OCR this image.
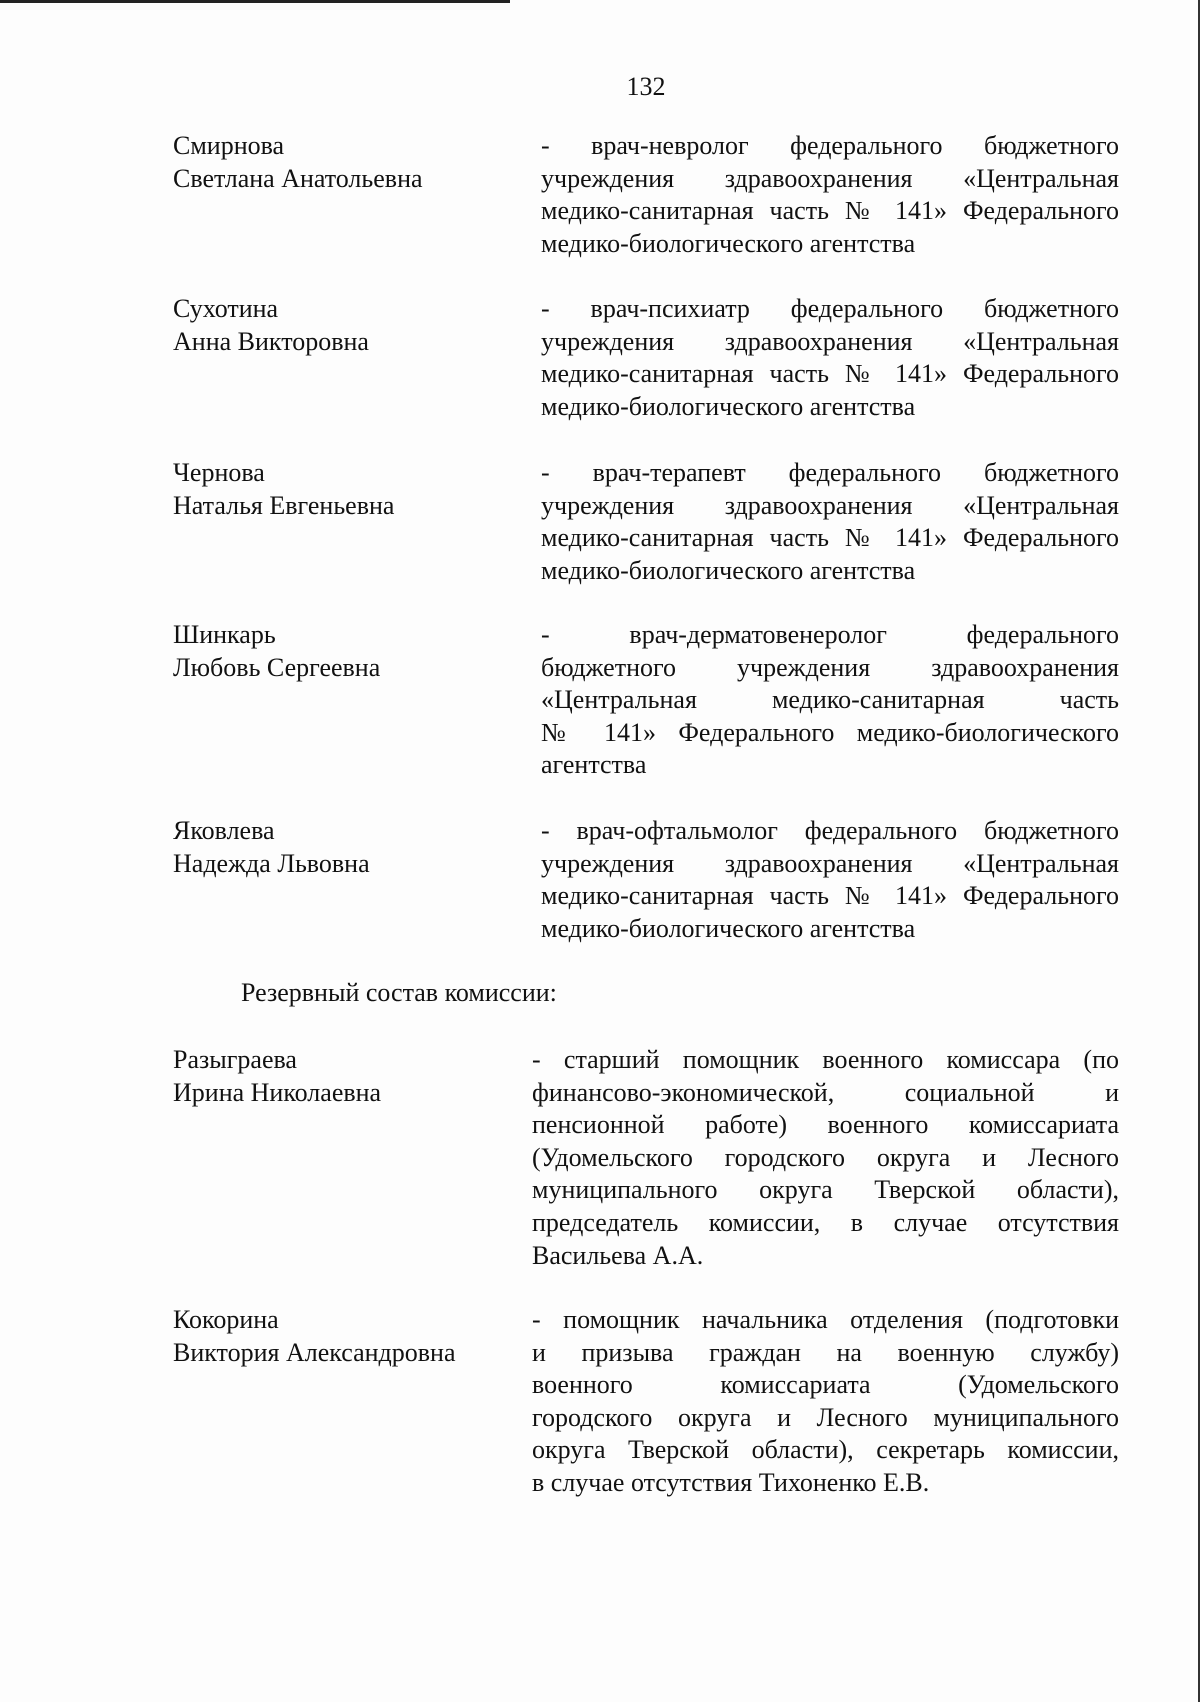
132
Смирнова
Светлана Анатольевна
- врач-невролог федерального бюджетного
учреждения здравоохранения «Центральная
медико-санитарная часть № 141» Федерального
медико-биологического агентства
Сухотина
Анна Викторовна
- врач-психиатр федерального бюджетного
учреждения здравоохранения «Центральная
медико-санитарная часть № 141» Федерального
медико-биологического агентства
Чернова
Наталья Евгеньевна
- врач-терапевт федерального бюджетного
учреждения здравоохранения «Центральная
медико-санитарная часть № 141» Федерального
медико-биологического агентства
Шинкарь
Любовь Сергеевна
- врач-дерматовенеролог федерального
бюджетного учреждения здравоохранения
«Центральная медико-санитарная часть
№ 141» Федерального медико-биологического
агентства
Яковлева
Надежда Львовна
- врач-офтальмолог федерального бюджетного
учреждения здравоохранения «Центральная
медико-санитарная часть № 141» Федерального
медико-биологического агентства
Резервный состав комиссии:
Разыграева
Ирина Николаевна
- старший помощник военного комиссара (по
финансово-экономической, социальной и
пенсионной работе) военного комиссариата
(Удомельского городского округа и Лесного
муниципального округа Тверской области),
председатель комиссии, в случае отсутствия
Васильева А.А.
Кокорина
Виктория Александровна
- помощник начальника отделения (подготовки
и призыва граждан на военную службу)
военного комиссариата (Удомельского
городского округа и Лесного муниципального
округа Тверской области), секретарь комиссии,
в случае отсутствия Тихоненко Е.В.
